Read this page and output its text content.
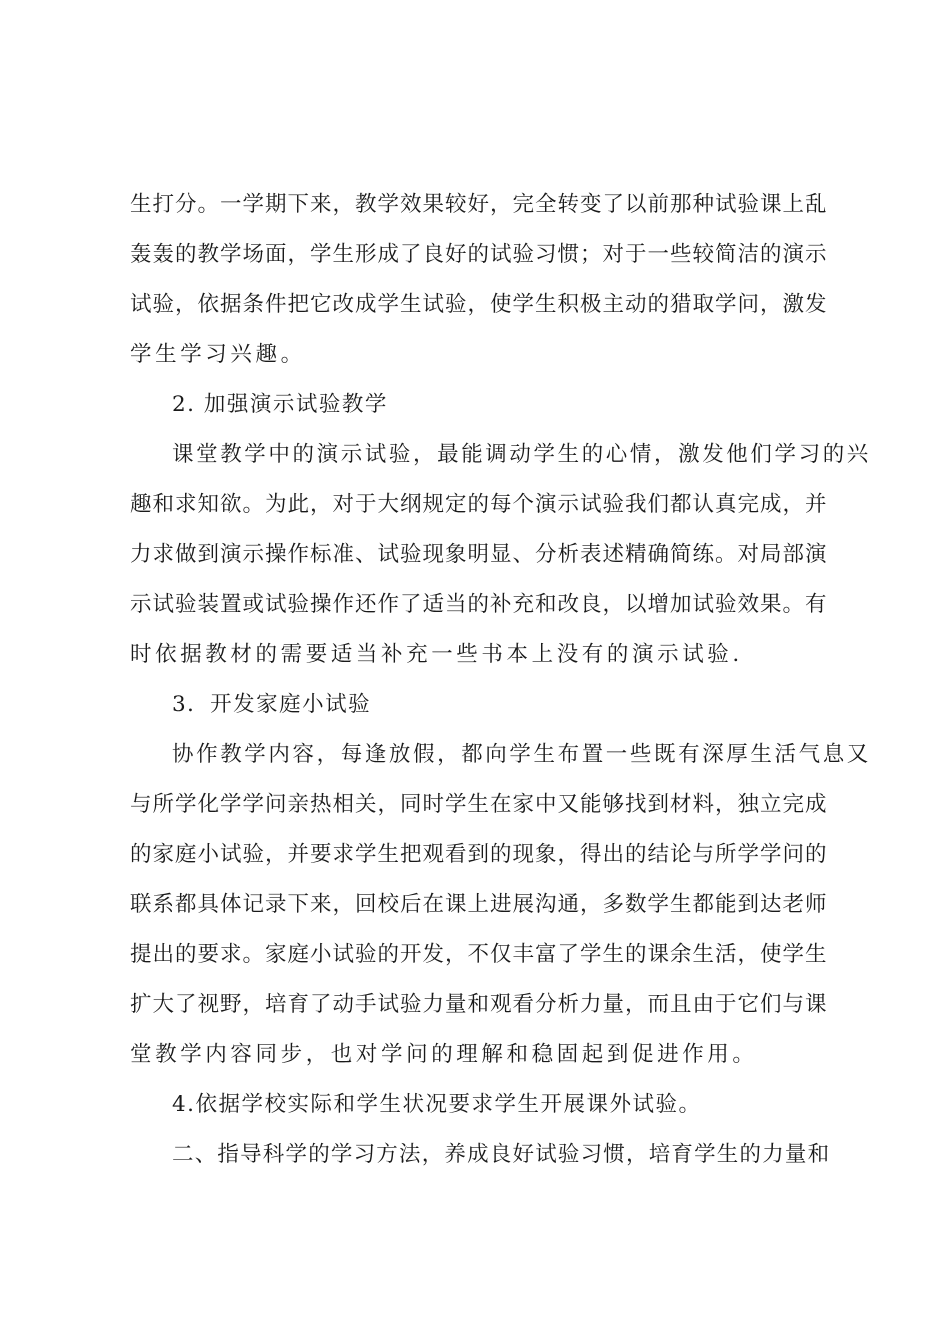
生打分。一学期下来，教学效果较好，完全转变了以前那种试验课上乱
轰轰的教学场面，学生形成了良好的试验习惯；对于一些较简洁的演示
试验，依据条件把它改成学生试验，使学生积极主动的猎取学问，激发
学生学习兴趣。
2. 加强演示试验教学
课堂教学中的演示试验，最能调动学生的心情，激发他们学习的兴
趣和求知欲。为此，对于大纲规定的每个演示试验我们都认真完成，并
力求做到演示操作标准、试验现象明显、分析表述精确简练。对局部演
示试验装置或试验操作还作了适当的补充和改良，以增加试验效果。有
时依据教材的需要适当补充一些书本上没有的演示试验.
3．开发家庭小试验
协作教学内容，每逢放假，都向学生布置一些既有深厚生活气息又
与所学化学学问亲热相关，同时学生在家中又能够找到材料，独立完成
的家庭小试验，并要求学生把观看到的现象，得出的结论与所学学问的
联系都具体记录下来，回校后在课上进展沟通，多数学生都能到达老师
提出的要求。家庭小试验的开发，不仅丰富了学生的课余生活，使学生
扩大了视野，培育了动手试验力量和观看分析力量，而且由于它们与课
堂教学内容同步，也对学问的理解和稳固起到促进作用。
4.依据学校实际和学生状况要求学生开展课外试验。
二、指导科学的学习方法，养成良好试验习惯，培育学生的力量和
